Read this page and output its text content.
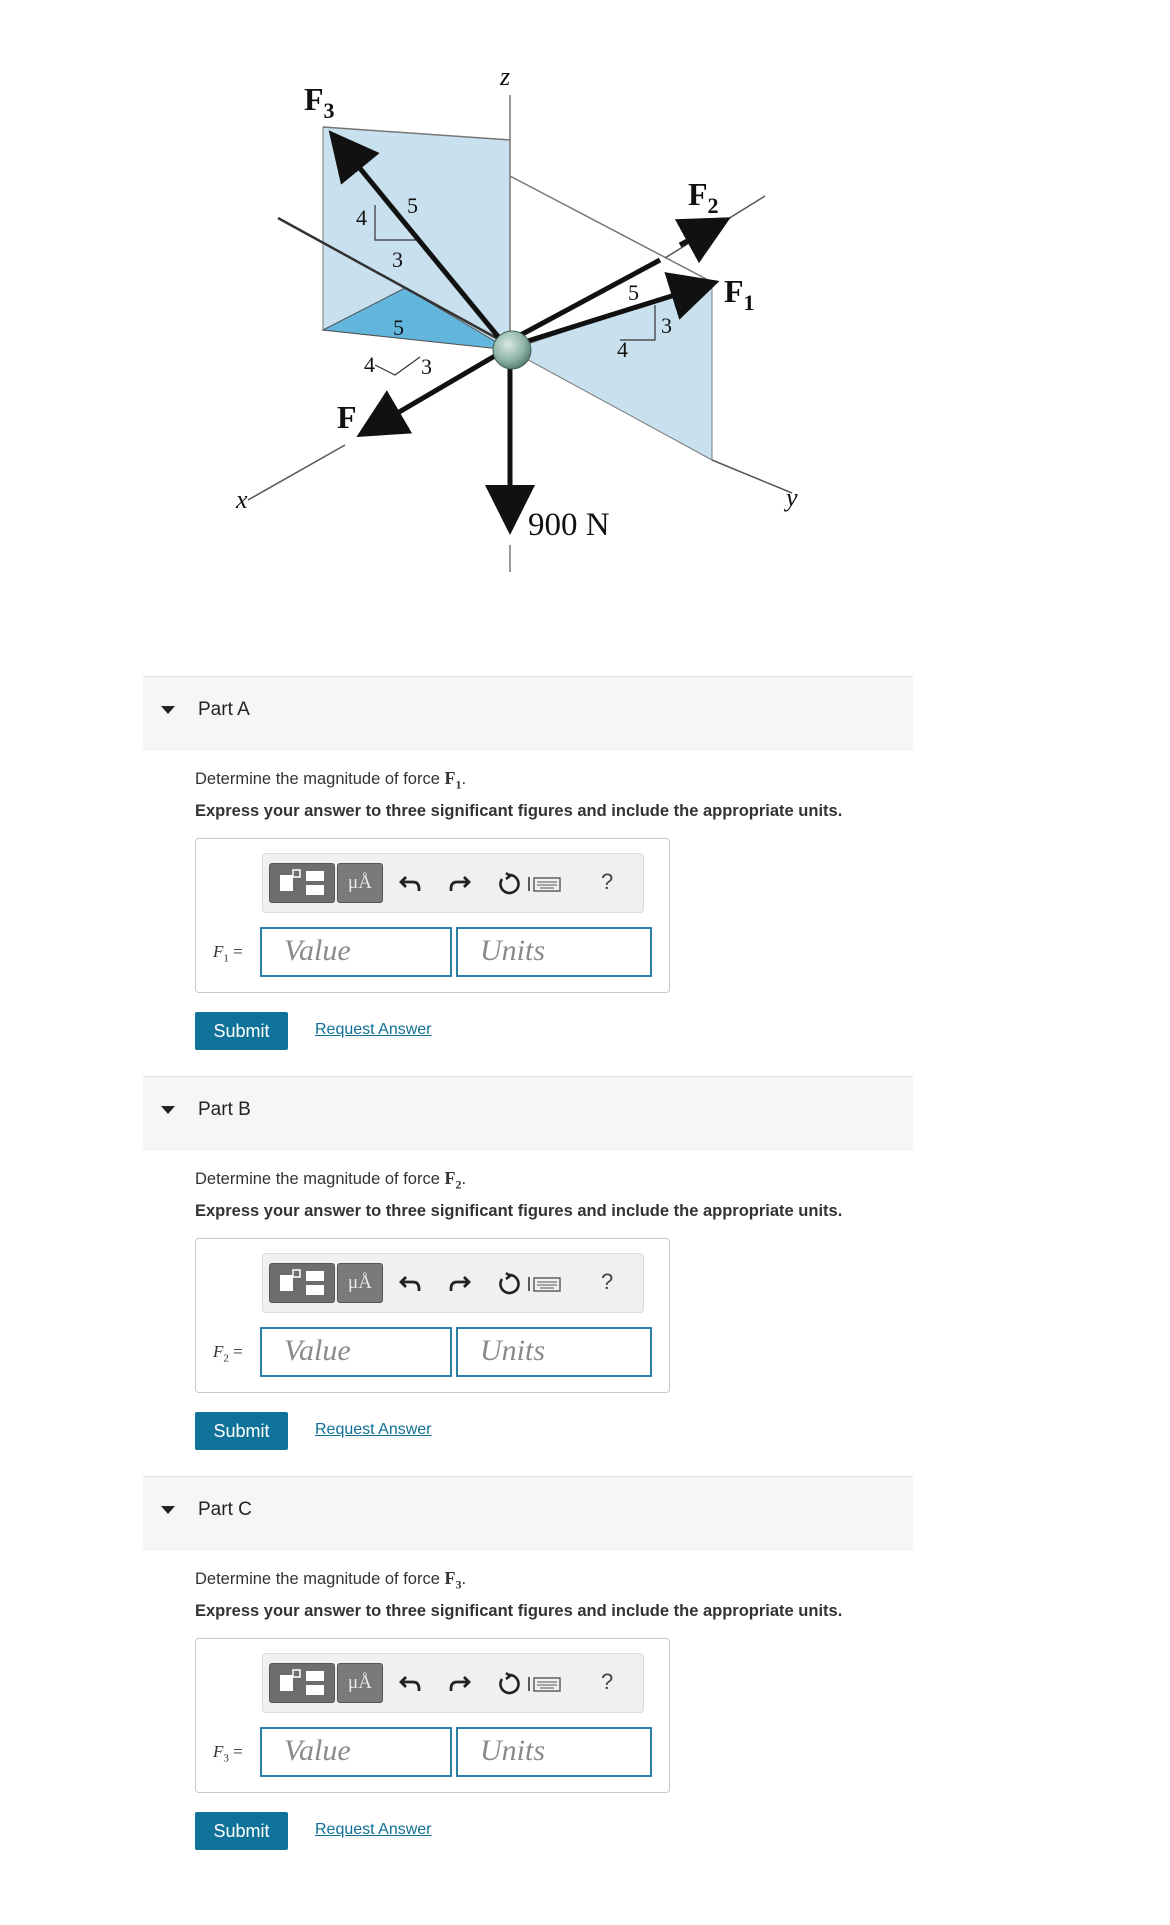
z
x	y
$F_3$
$F_2$
$F_1$
F
900 N
4
3
5
5
4 3
5
4
3
Part A
Determine the magnitude of force $F_1$.
Express your answer to three significant figures and include the appropriate units.
μÅ	?
$F_1$ =	Value	Units
Submit	Request Answer
Part B
Determine the magnitude of force $F_2$.
Express your answer to three significant figures and include the appropriate units.
μÅ	?
$F_2$ =	Value	Units
Submit	Request Answer
Part C
Determine the magnitude of force $F_3$.
Express your answer to three significant figures and include the appropriate units.
μÅ	?
$F_3$ =	Value	Units
Submit	Request Answer
